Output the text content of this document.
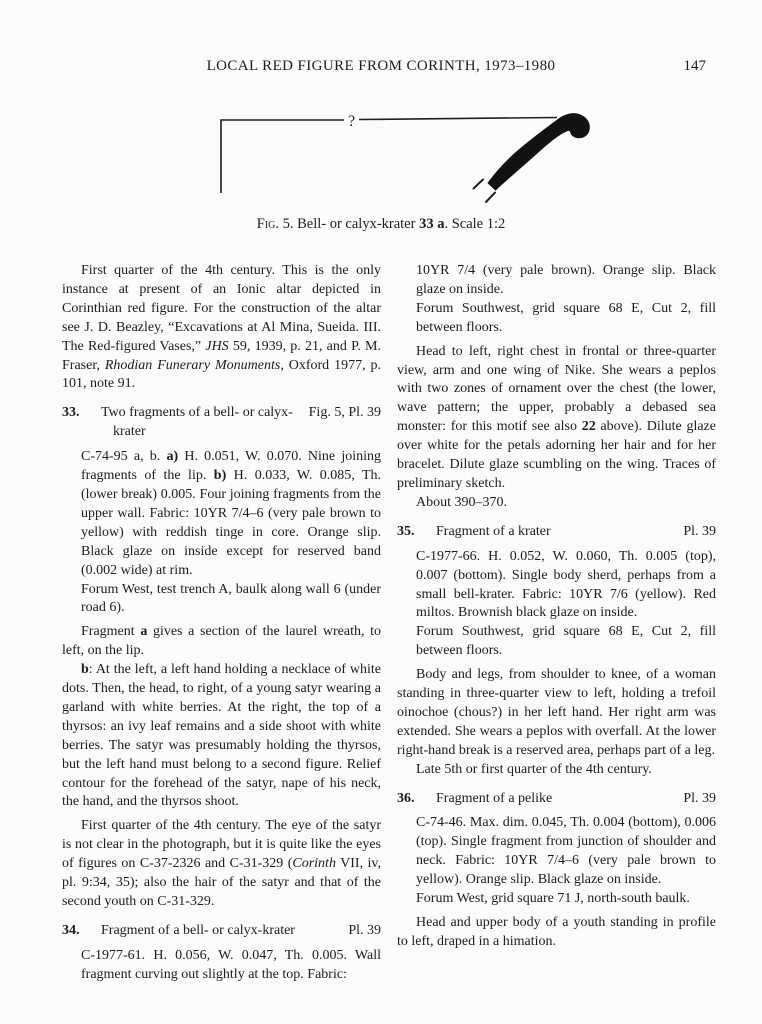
LOCAL RED FIGURE FROM CORINTH, 1973–1980	147
?
Fig. 5. Bell- or calyx-krater 33 a. Scale 1:2

First quarter of the 4th century. This is the only instance at present of an Ionic altar depicted in Corinthian red figure. For the construction of the altar see J. D. Beazley, “Excavations at Al Mina, Sueida. III. The Red-figured Vases,” JHS 59, 1939, p. 21, and P. M. Fraser, Rhodian Funerary Monuments, Oxford 1977, p. 101, note 91.

33.	Two fragments of a bell- or calyx-krater
Fig. 5, Pl. 39

C-74-95 a, b. a) H. 0.051, W. 0.070. Nine joining fragments of the lip. b) H. 0.033, W. 0.085, Th. (lower break) 0.005. Four joining fragments from the upper wall. Fabric: 10YR 7/4–6 (very pale brown to yellow) with reddish tinge in core. Orange slip. Black glaze on inside except for reserved band (0.002 wide) at rim.

Forum West, test trench A, baulk along wall 6 (under road 6).

Fragment a gives a section of the laurel wreath, to left, on the lip.

b: At the left, a left hand holding a necklace of white dots. Then, the head, to right, of a young satyr wearing a garland with white berries. At the right, the top of a thyrsos: an ivy leaf remains and a side shoot with white berries. The satyr was presumably holding the thyrsos, but the left hand must belong to a second figure. Relief contour for the forehead of the satyr, nape of his neck, the hand, and the thyrsos shoot.

First quarter of the 4th century. The eye of the satyr is not clear in the photograph, but it is quite like the eyes of figures on C-37-2326 and C-31-329 (Corinth VII, iv, pl. 9:34, 35); also the hair of the satyr and that of the second youth on C-31-329.

34.	Fragment of a bell- or calyx-krater	Pl. 39

C-1977-61. H. 0.056, W. 0.047, Th. 0.005. Wall fragment curving out slightly at the top. Fabric:

10YR 7/4 (very pale brown). Orange slip. Black glaze on inside.

Forum Southwest, grid square 68 E, Cut 2, fill between floors.

Head to left, right chest in frontal or three-quarter view, arm and one wing of Nike. She wears a peplos with two zones of ornament over the chest (the lower, wave pattern; the upper, probably a debased sea monster: for this motif see also 22 above). Dilute glaze over white for the petals adorning her hair and for her bracelet. Dilute glaze scumbling on the wing. Traces of preliminary sketch.

About 390–370.

35.	Fragment of a krater	Pl. 39

C-1977-66. H. 0.052, W. 0.060, Th. 0.005 (top), 0.007 (bottom). Single body sherd, perhaps from a small bell-krater. Fabric: 10YR 7/6 (yellow). Red miltos. Brownish black glaze on inside.

Forum Southwest, grid square 68 E, Cut 2, fill between floors.

Body and legs, from shoulder to knee, of a woman standing in three-quarter view to left, holding a trefoil oinochoe (chous?) in her left hand. Her right arm was extended. She wears a peplos with overfall. At the lower right-hand break is a reserved area, perhaps part of a leg.

Late 5th or first quarter of the 4th century.

36.	Fragment of a pelike	Pl. 39

C-74-46. Max. dim. 0.045, Th. 0.004 (bottom), 0.006 (top). Single fragment from junction of shoulder and neck. Fabric: 10YR 7/4–6 (very pale brown to yellow). Orange slip. Black glaze on inside.

Forum West, grid square 71 J, north-south baulk.

Head and upper body of a youth standing in profile to left, draped in a himation.
